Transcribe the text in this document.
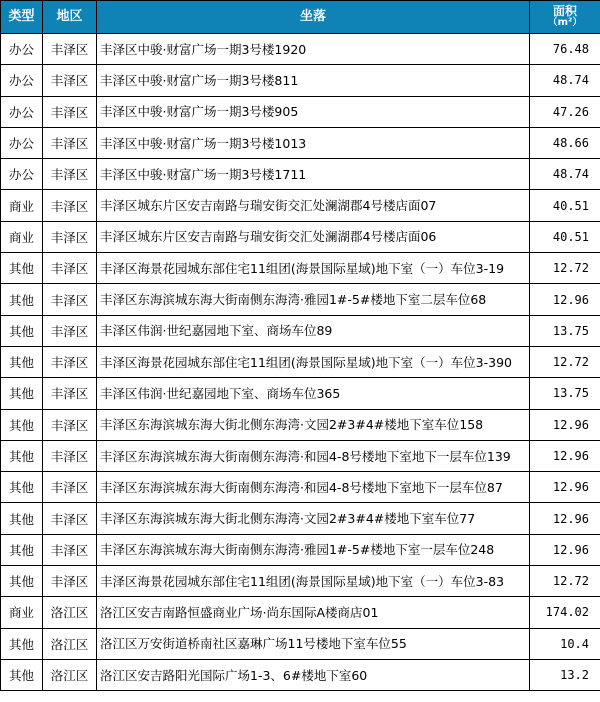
类型	地区	坐落	面积
（m²）

办公	丰泽区	丰泽区中骏·财富广场一期3号楼1920	76.48
办公	丰泽区	丰泽区中骏·财富广场一期3号楼811	48.74
办公	丰泽区	丰泽区中骏·财富广场一期3号楼905	47.26
办公	丰泽区	丰泽区中骏·财富广场一期3号楼1013	48.66
办公	丰泽区	丰泽区中骏·财富广场一期3号楼1711	48.74
商业	丰泽区	丰泽区城东片区安吉南路与瑞安街交汇处澜湖郡4号楼店面07	40.51
商业	丰泽区	丰泽区城东片区安吉南路与瑞安街交汇处澜湖郡4号楼店面06	40.51
其他	丰泽区	丰泽区海景花园城东部住宅11组团(海景国际星域)地下室（一）车位3-19	12.72
其他	丰泽区	丰泽区东海滨城东海大街南侧东海湾·雅园1#-5#楼地下室二层车位68	12.96
其他	丰泽区	丰泽区伟润·世纪嘉园地下室、商场车位89	13.75
其他	丰泽区	丰泽区海景花园城东部住宅11组团(海景国际星域)地下室（一）车位3-390	12.72
其他	丰泽区	丰泽区伟润·世纪嘉园地下室、商场车位365	13.75
其他	丰泽区	丰泽区东海滨城东海大街北侧东海湾·文园2#3#4#楼地下室车位158	12.96
其他	丰泽区	丰泽区东海滨城东海大街南侧东海湾·和园4-8号楼地下室地下一层车位139	12.96
其他	丰泽区	丰泽区东海滨城东海大街南侧东海湾·和园4-8号楼地下室地下一层车位87	12.96
其他	丰泽区	丰泽区东海滨城东海大街北侧东海湾·文园2#3#4#楼地下室车位77	12.96
其他	丰泽区	丰泽区东海滨城东海大街南侧东海湾·雅园1#-5#楼地下室一层车位248	12.96
其他	丰泽区	丰泽区海景花园城东部住宅11组团(海景国际星域)地下室（一）车位3-83	12.72
商业	洛江区	洛江区安吉南路恒盛商业广场·尚东国际A楼商店01	174.02
其他	洛江区	洛江区万安街道桥南社区嘉琳广场11号楼地下室车位55	10.4
其他	洛江区	洛江区安吉路阳光国际广场1-3、6#楼地下室60	13.2
